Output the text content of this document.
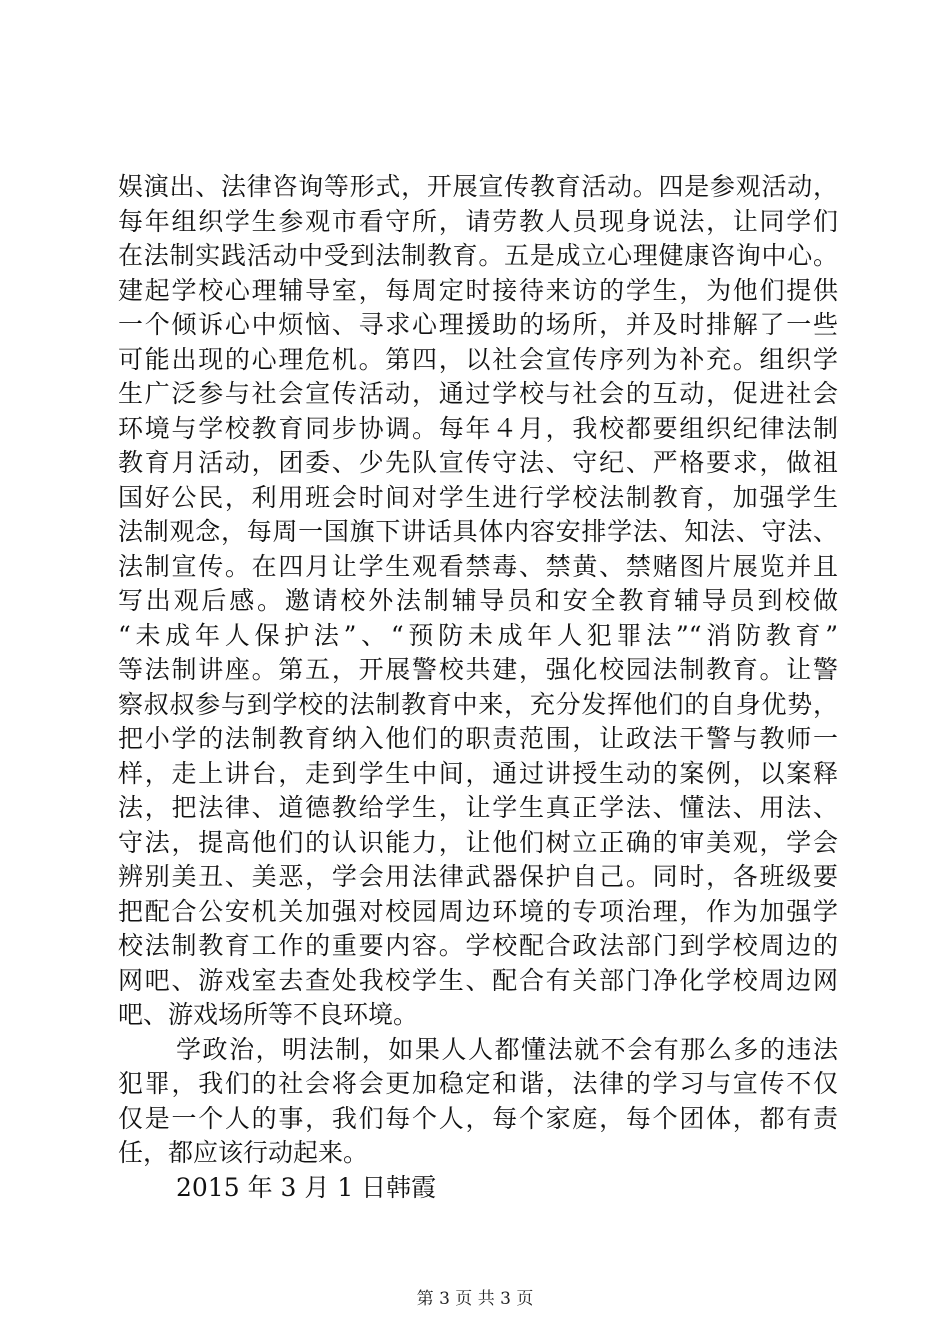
娱演出、法律咨询等形式，开展宣传教育活动。四是参观活动，
每年组织学生参观市看守所，请劳教人员现身说法，让同学们
在法制实践活动中受到法制教育。五是成立心理健康咨询中心。
建起学校心理辅导室，每周定时接待来访的学生，为他们提供
一个倾诉心中烦恼、寻求心理援助的场所，并及时排解了一些
可能出现的心理危机。第四，以社会宣传序列为补充。组织学
生广泛参与社会宣传活动，通过学校与社会的互动，促进社会
环境与学校教育同步协调。每年４月，我校都要组织纪律法制
教育月活动，团委、少先队宣传守法、守纪、严格要求，做祖
国好公民，利用班会时间对学生进行学校法制教育，加强学生
法制观念，每周一国旗下讲话具体内容安排学法、知法、守法、
法制宣传。在四月让学生观看禁毒、禁黄、禁赌图片展览并且
写出观后感。邀请校外法制辅导员和安全教育辅导员到校做
“未成年人保护法”、“预防未成年人犯罪法”“消防教育”
等法制讲座。第五，开展警校共建，强化校园法制教育。让警
察叔叔参与到学校的法制教育中来，充分发挥他们的自身优势，
把小学的法制教育纳入他们的职责范围，让政法干警与教师一
样，走上讲台，走到学生中间，通过讲授生动的案例，以案释
法，把法律、道德教给学生，让学生真正学法、懂法、用法、
守法，提高他们的认识能力，让他们树立正确的审美观，学会
辨别美丑、美恶，学会用法律武器保护自己。同时，各班级要
把配合公安机关加强对校园周边环境的专项治理，作为加强学
校法制教育工作的重要内容。学校配合政法部门到学校周边的
网吧、游戏室去查处我校学生、配合有关部门净化学校周边网
吧、游戏场所等不良环境。
学政治，明法制，如果人人都懂法就不会有那么多的违法
犯罪，我们的社会将会更加稳定和谐，法律的学习与宣传不仅
仅是一个人的事，我们每个人，每个家庭，每个团体，都有责
任，都应该行动起来。
2015 年 3 月 1 日韩霞
第 3 页 共 3 页
